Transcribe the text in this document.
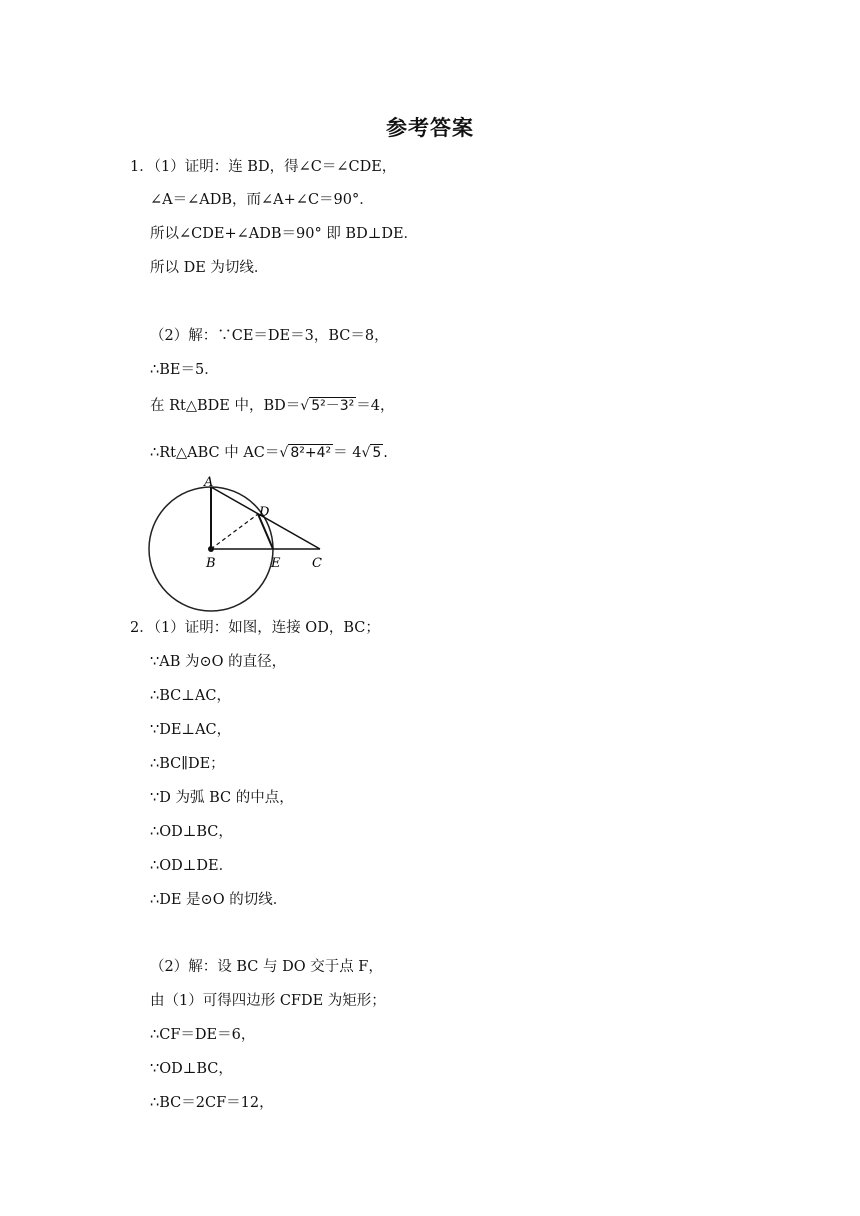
参考答案
1．（1）证明：连 BD，得∠C＝∠CDE，
∠A＝∠ADB，而∠A+∠C＝90°．
所以∠CDE+∠ADB＝90° 即 BD⊥DE．
所以 DE 为切线．
（2）解：∵CE＝DE＝3，BC＝8，
∴BE＝5．
在 Rt△BDE 中，BD＝√ 5²－3² ＝4，
∴Rt△ABC 中 AC＝√ 8²+4² ＝ 4√ 5 .
A
D
B	E C
2．（1）证明：如图，连接 OD，BC；
∵AB 为⊙O 的直径，
∴BC⊥AC，
∵DE⊥AC，
∴BC∥DE；
∵D 为弧 BC 的中点，
∴OD⊥BC，
∴OD⊥DE．
∴DE 是⊙O 的切线．
（2）解：设 BC 与 DO 交于点 F，
由（1）可得四边形 CFDE 为矩形；
∴CF＝DE＝6，
∵OD⊥BC，
∴BC＝2CF＝12，
